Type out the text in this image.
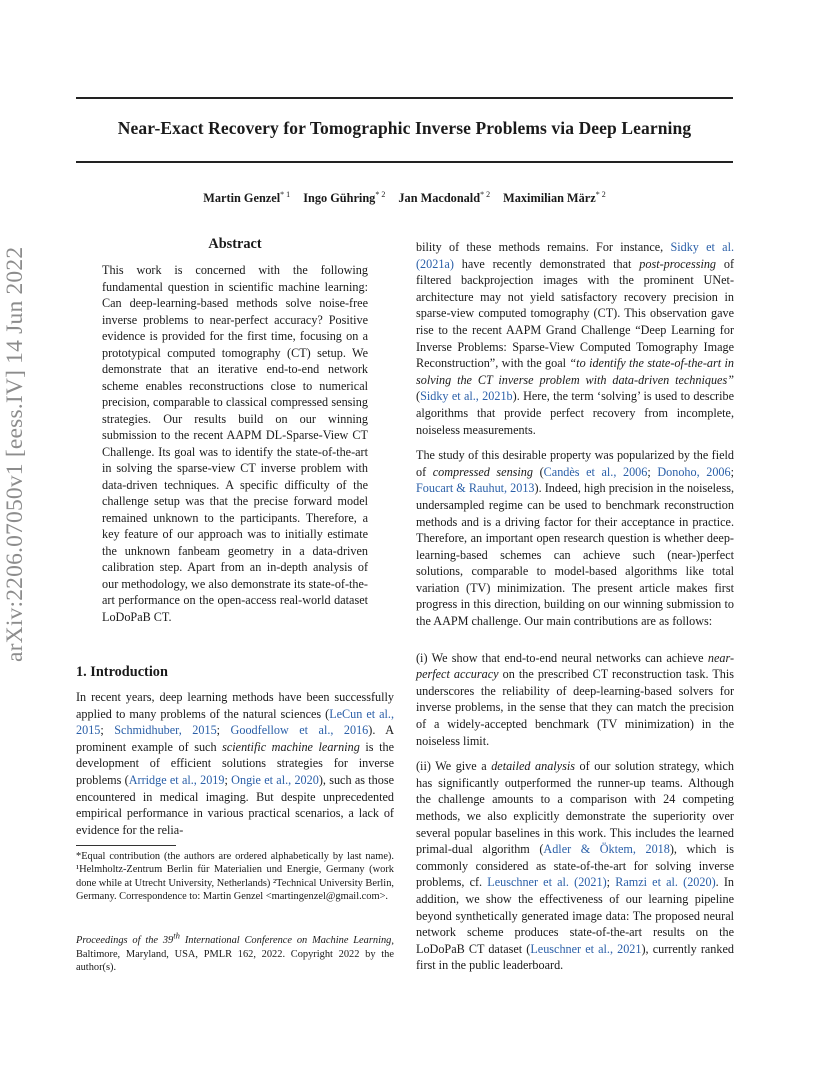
arXiv:2206.07050v1 [eess.IV] 14 Jun 2022
Near-Exact Recovery for Tomographic Inverse Problems via Deep Learning
Martin Genzel$^{* 1}$ Ingo Gühring$^{* 2}$ Jan Macdonald$^{* 2}$ Maximilian März$^{* 2}$
Abstract
This work is concerned with the following fundamental question in scientific machine learning: Can deep-learning-based methods solve noise-free inverse problems to near-perfect accuracy? Positive evidence is provided for the first time, focusing on a prototypical computed tomography (CT) setup. We demonstrate that an iterative end-to-end network scheme enables reconstructions close to numerical precision, comparable to classical compressed sensing strategies. Our results build on our winning submission to the recent AAPM DL-Sparse-View CT Challenge. Its goal was to identify the state-of-the-art in solving the sparse-view CT inverse problem with data-driven techniques. A specific difficulty of the challenge setup was that the precise forward model remained unknown to the participants. Therefore, a key feature of our approach was to initially estimate the unknown fanbeam geometry in a data-driven calibration step. Apart from an in-depth analysis of our methodology, we also demonstrate its state-of-the-art performance on the open-access real-world dataset LoDoPaB CT.
1. Introduction

In recent years, deep learning methods have been successfully applied to many problems of the natural sciences (LeCun et al., 2015; Schmidhuber, 2015; Goodfellow et al., 2016). A prominent example of such scientific machine learning is the development of efficient solutions strategies for inverse problems (Arridge et al., 2019; Ongie et al., 2020), such as those encountered in medical imaging. But despite unprecedented empirical performance in various practical scenarios, a lack of evidence for the relia-

*Equal contribution (the authors are ordered alphabetically by last name). ¹Helmholtz-Zentrum Berlin für Materialien und Energie, Germany (work done while at Utrecht University, Netherlands) ²Technical University Berlin, Germany. Correspondence to: Martin Genzel <martingenzel@gmail.com>.
Proceedings of the 39th International Conference on Machine Learning, Baltimore, Maryland, USA, PMLR 162, 2022. Copyright 2022 by the author(s).

bility of these methods remains. For instance, Sidky et al. (2021a) have recently demonstrated that post-processing of filtered backprojection images with the prominent UNet-architecture may not yield satisfactory recovery precision in sparse-view computed tomography (CT). This observation gave rise to the recent AAPM Grand Challenge “Deep Learning for Inverse Problems: Sparse-View Computed Tomography Image Reconstruction”, with the goal “to identify the state-of-the-art in solving the CT inverse problem with data-driven techniques” (Sidky et al., 2021b). Here, the term ‘solving’ is used to describe algorithms that provide perfect recovery from incomplete, noiseless measurements.

The study of this desirable property was popularized by the field of compressed sensing (Candès et al., 2006; Donoho, 2006; Foucart & Rauhut, 2013). Indeed, high precision in the noiseless, undersampled regime can be used to benchmark reconstruction methods and is a driving factor for their acceptance in practice. Therefore, an important open research question is whether deep-learning-based schemes can achieve such (near-)perfect solutions, comparable to model-based algorithms like total variation (TV) minimization. The present article makes first progress in this direction, building on our winning submission to the AAPM challenge. Our main contributions are as follows:

(i) We show that end-to-end neural networks can achieve near-perfect accuracy on the prescribed CT reconstruction task. This underscores the reliability of deep-learning-based solvers for inverse problems, in the sense that they can match the precision of a widely-accepted benchmark (TV minimization) in the noiseless limit.

(ii) We give a detailed analysis of our solution strategy, which has significantly outperformed the runner-up teams. Although the challenge amounts to a comparison with 24 competing methods, we also explicitly demonstrate the superiority over several popular baselines in this work. This includes the learned primal-dual algorithm (Adler & Öktem, 2018), which is commonly considered as state-of-the-art for solving inverse problems, cf. Leuschner et al. (2021); Ramzi et al. (2020). In addition, we show the effectiveness of our learning pipeline beyond synthetically generated image data: The proposed neural network scheme produces state-of-the-art results on the LoDoPaB CT dataset (Leuschner et al., 2021), currently ranked first in the public leaderboard.
